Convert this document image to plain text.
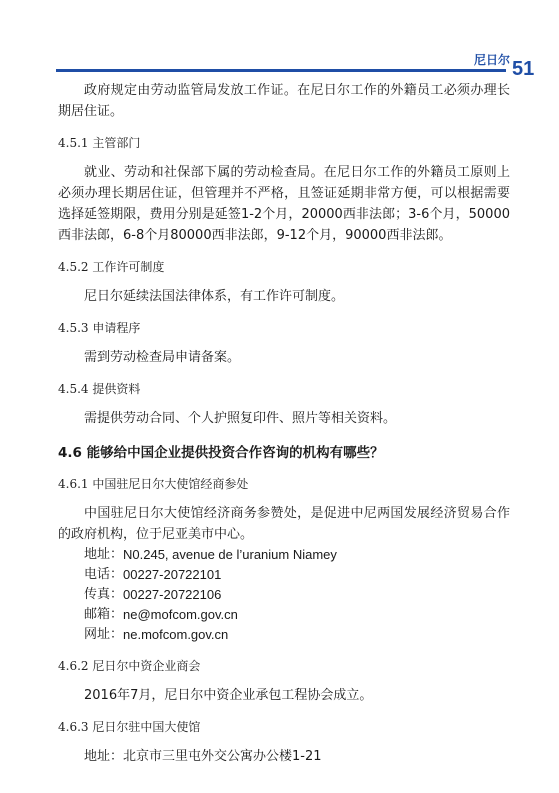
尼日尔 51

政府规定由劳动监管局发放工作证。在尼日尔工作的外籍员工必须办理长期居住证。

4.5.1 主管部门

就业、劳动和社保部下属的劳动检查局。在尼日尔工作的外籍员工原则上必须办理长期居住证，但管理并不严格，且签证延期非常方便，可以根据需要选择延签期限，费用分别是延签1-2个月，20000西非法郎；3-6个月，50000西非法郎，6-8个月80000西非法郎，9-12个月，90000西非法郎。

4.5.2 工作许可制度

尼日尔延续法国法律体系，有工作许可制度。

4.5.3 申请程序

需到劳动检查局申请备案。

4.5.4 提供资料

需提供劳动合同、个人护照复印件、照片等相关资料。

4.6 能够给中国企业提供投资合作咨询的机构有哪些？
4.6.1 中国驻尼日尔大使馆经商参处

中国驻尼日尔大使馆经济商务参赞处，是促进中尼两国发展经济贸易合作的政府机构，位于尼亚美市中心。

地址： N0.245, avenue de l’uranium Niamey
电话： 00227-20722101
传真： 00227-20722106
邮箱： ne@mofcom.gov.cn
网址： ne.mofcom.gov.cn
4.6.2 尼日尔中资企业商会

2016年7月，尼日尔中资企业承包工程协会成立。

4.6.3 尼日尔驻中国大使馆

地址：北京市三里屯外交公寓办公楼1-21
